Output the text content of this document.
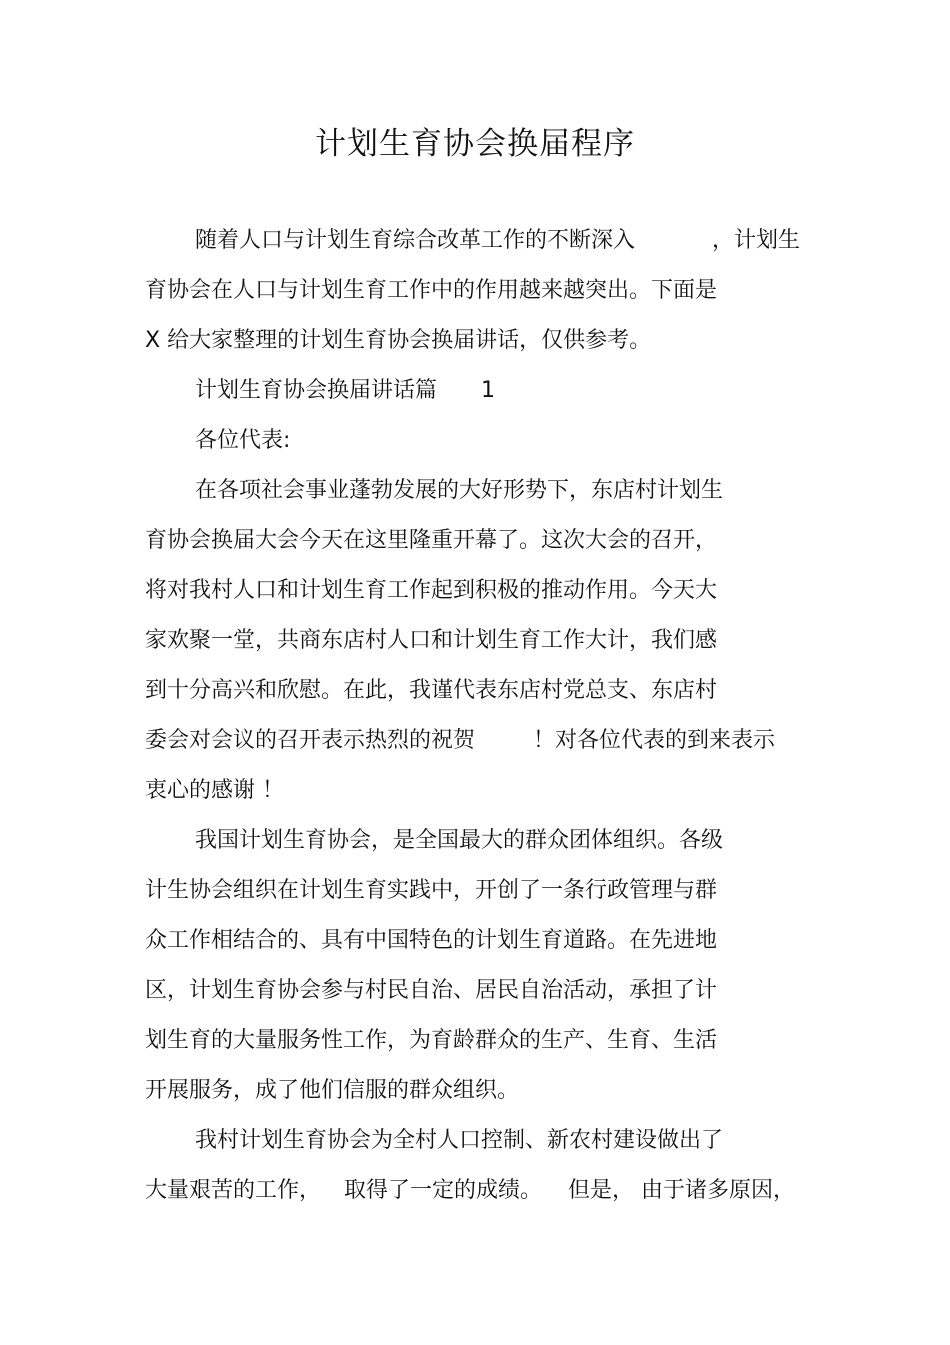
计划生育协会换届程序
随着人口与计划生育综合改革工作的不断深入	，计划生
育协会在人口与计划生育工作中的作用越来越突出。下面是
X 给大家整理的计划生育协会换届讲话，仅供参考。
计划生育协会换届讲话篇 1
各位代表:
在各项社会事业蓬勃发展的大好形势下，东店村计划生
育协会换届大会今天在这里隆重开幕了。这次大会的召开，
将对我村人口和计划生育工作起到积极的推动作用。今天大
家欢聚一堂，共商东店村人口和计划生育工作大计，我们感
到十分高兴和欣慰。在此，我谨代表东店村党总支、东店村
委会对会议的召开表示热烈的祝贺	！对各位代表的到来表示
衷心的感谢 ！
我国计划生育协会，是全国最大的群众团体组织。各级
计生协会组织在计划生育实践中，开创了一条行政管理与群
众工作相结合的、具有中国特色的计划生育道路。在先进地
区，计划生育协会参与村民自治、居民自治活动，承担了计
划生育的大量服务性工作，为育龄群众的生产、生育、生活
开展服务，成了他们信服的群众组织。
我村计划生育协会为全村人口控制、新农村建设做出了
大量艰苦的工作， 取得了一定的成绩。 但是， 由于诸多原因，
